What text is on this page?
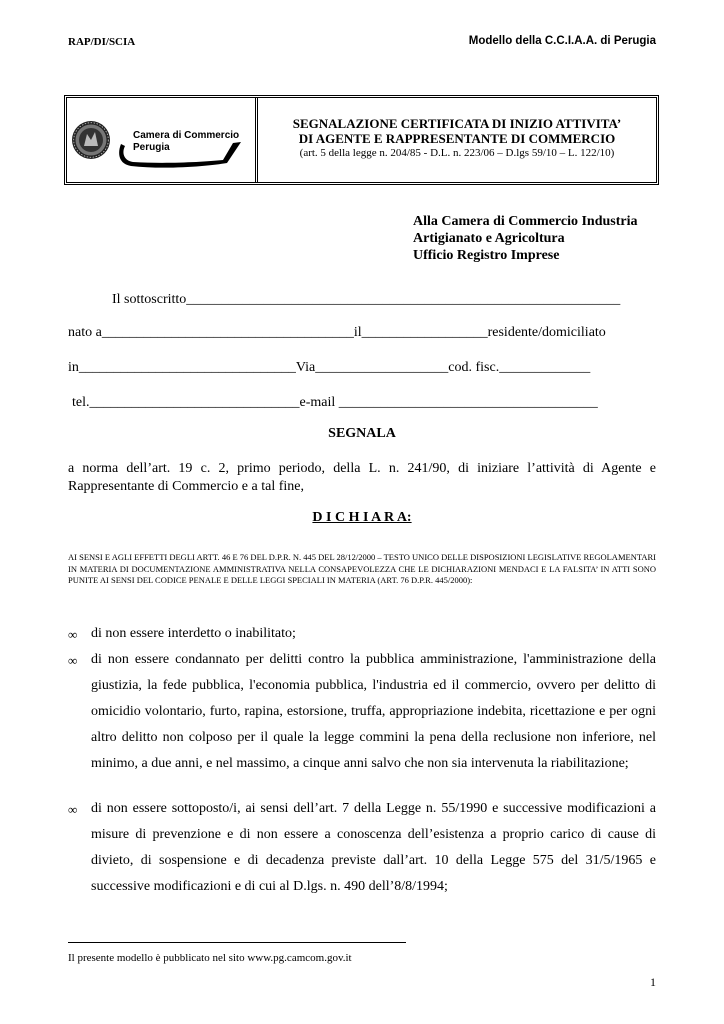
RAP/DI/SCIA	Modello della C.C.I.A.A. di Perugia
Camera di Commercio
Perugia
SEGNALAZIONE CERTIFICATA DI INIZIO ATTIVITA’
DI AGENTE E RAPPRESENTANTE DI COMMERCIO
(art. 5 della legge n. 204/85 - D.L. n. 223/06 – D.lgs 59/10 – L. 122/10)
Alla Camera di Commercio Industria
Artigianato e Agricoltura
Ufficio Registro Imprese
Il sottoscritto______________________________________________________________
nato a____________________________________il__________________residente/domiciliato
in_______________________________Via___________________cod. fisc._____________
tel.______________________________e-mail _____________________________________
SEGNALA
a norma dell’art. 19 c. 2, primo periodo, della L. n. 241/90, di iniziare l’attività di Agente e Rappresentante di Commercio e a tal fine,
D I C H I A R A:
AI SENSI E AGLI EFFETTI DEGLI ARTT. 46 E 76 DEL D.P.R. N. 445 DEL 28/12/2000 – TESTO UNICO DELLE DISPOSIZIONI LEGISLATIVE REGOLAMENTARI IN MATERIA DI DOCUMENTAZIONE AMMINISTRATIVA NELLA CONSAPEVOLEZZA CHE LE DICHIARAZIONI MENDACI E LA FALSITA’ IN ATTI SONO PUNITE AI SENSI DEL CODICE PENALE E DELLE LEGGI SPECIALI IN MATERIA (ART. 76 D.P.R. 445/2000):
∞ di non essere interdetto o inabilitato;
∞ di non essere condannato per delitti contro la pubblica amministrazione, l'amministrazione della giustizia, la fede pubblica, l'economia pubblica, l'industria ed il commercio, ovvero per delitto di omicidio volontario, furto, rapina, estorsione, truffa, appropriazione indebita, ricettazione e per ogni altro delitto non colposo per il quale la legge commini la pena della reclusione non inferiore, nel minimo, a due anni, e nel massimo, a cinque anni salvo che non sia intervenuta la riabilitazione;
∞ di non essere sottoposto/i, ai sensi dell’art. 7 della Legge n. 55/1990 e successive modificazioni a misure di prevenzione e di non essere a conoscenza dell’esistenza a proprio carico di cause di divieto, di sospensione e di decadenza previste dall’art. 10 della Legge 575 del 31/5/1965 e successive modificazioni e di cui al D.lgs. n. 490 dell’8/8/1994;
Il presente modello è pubblicato nel sito www.pg.camcom.gov.it
1
